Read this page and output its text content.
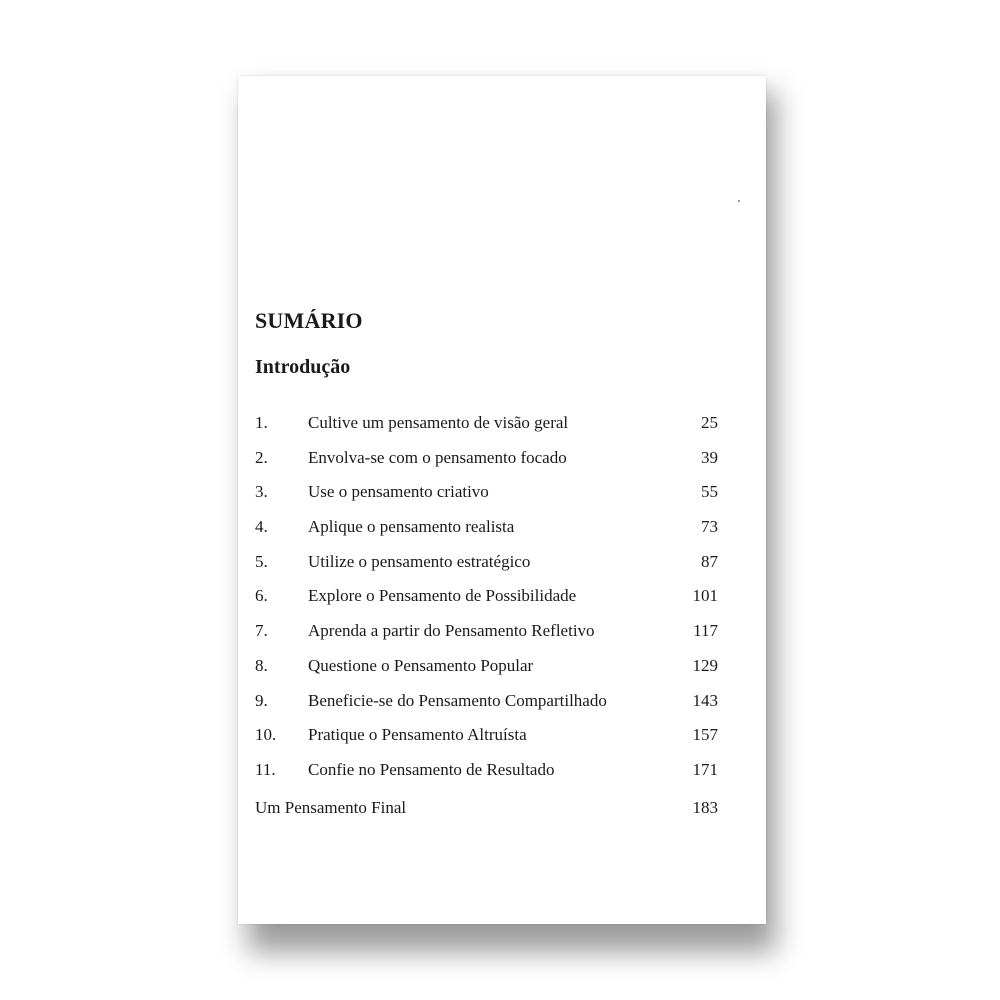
SUMÁRIO
Introdução
1. Cultive um pensamento de visão geral	25
2. Envolva-se com o pensamento focado	39
3. Use o pensamento criativo	55
4. Aplique o pensamento realista	73
5. Utilize o pensamento estratégico	87
6. Explore o Pensamento de Possibilidade	101
7. Aprenda a partir do Pensamento Refletivo	117
8. Questione o Pensamento Popular	129
9. Beneficie-se do Pensamento Compartilhado	143
10. Pratique o Pensamento Altruísta	157
11. Confie no Pensamento de Resultado	171
Um Pensamento Final	183
